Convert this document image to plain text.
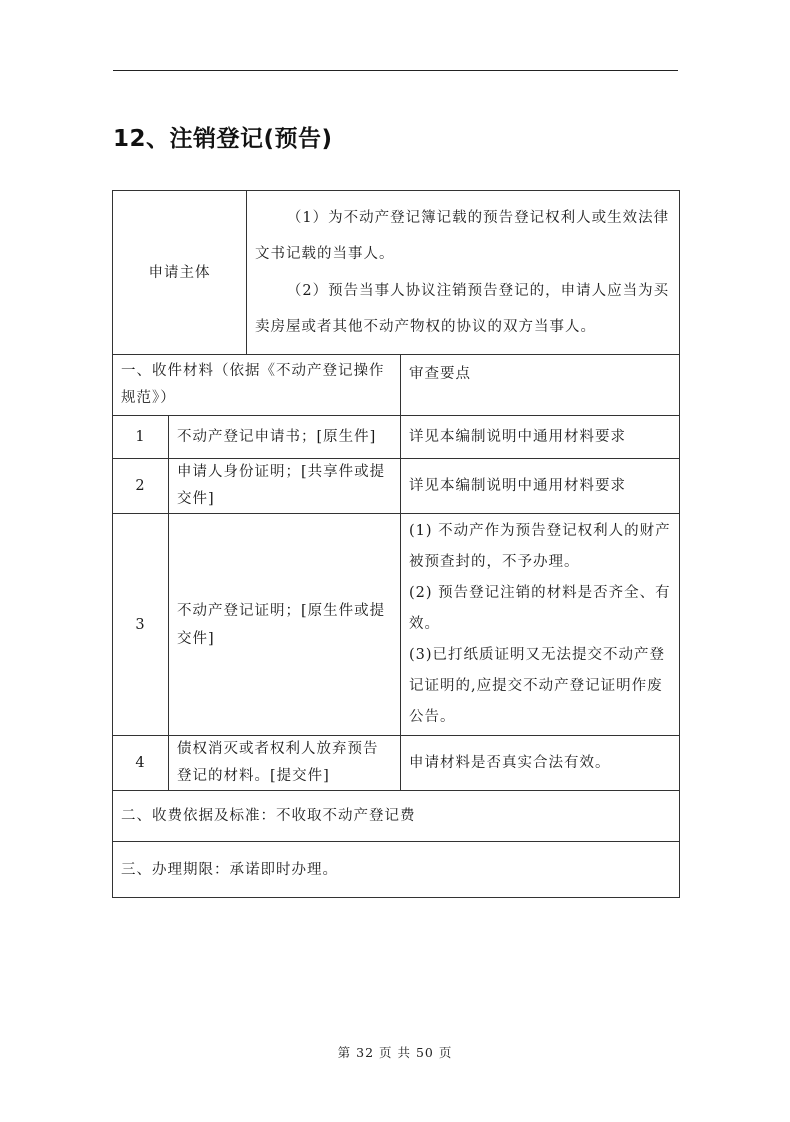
12、注销登记(预告)
申请主体		（1）为不动产登记簿记载的预告登记权利人或生效法律文书记载的当事人。
（2）预告当事人协议注销预告登记的，申请人应当为买卖房屋或者其他不动产物权的协议的双方当事人。	

一、收件材料（依据《不动产登记操作规范》）			审查要点
1	不动产登记申请书；[原生件]		详见本编制说明中通用材料要求
2	申请人身份证明；[共享件或提交件]		详见本编制说明中通用材料要求
3	不动产登记证明；[原生件或提交件]		(1) 不动产作为预告登记权利人的财产被预查封的，不予办理。
(2) 预告登记注销的材料是否齐全、有效。
(3)已打纸质证明又无法提交不动产登记证明的,应提交不动产登记证明作废公告。

4	债权消灭或者权利人放弃预告登记的材料。[提交件]		申请材料是否真实合法有效。
二、收费依据及标准：不收取不动产登记费			
三、办理期限：承诺即时办理。			
第 32 页 共 50 页
